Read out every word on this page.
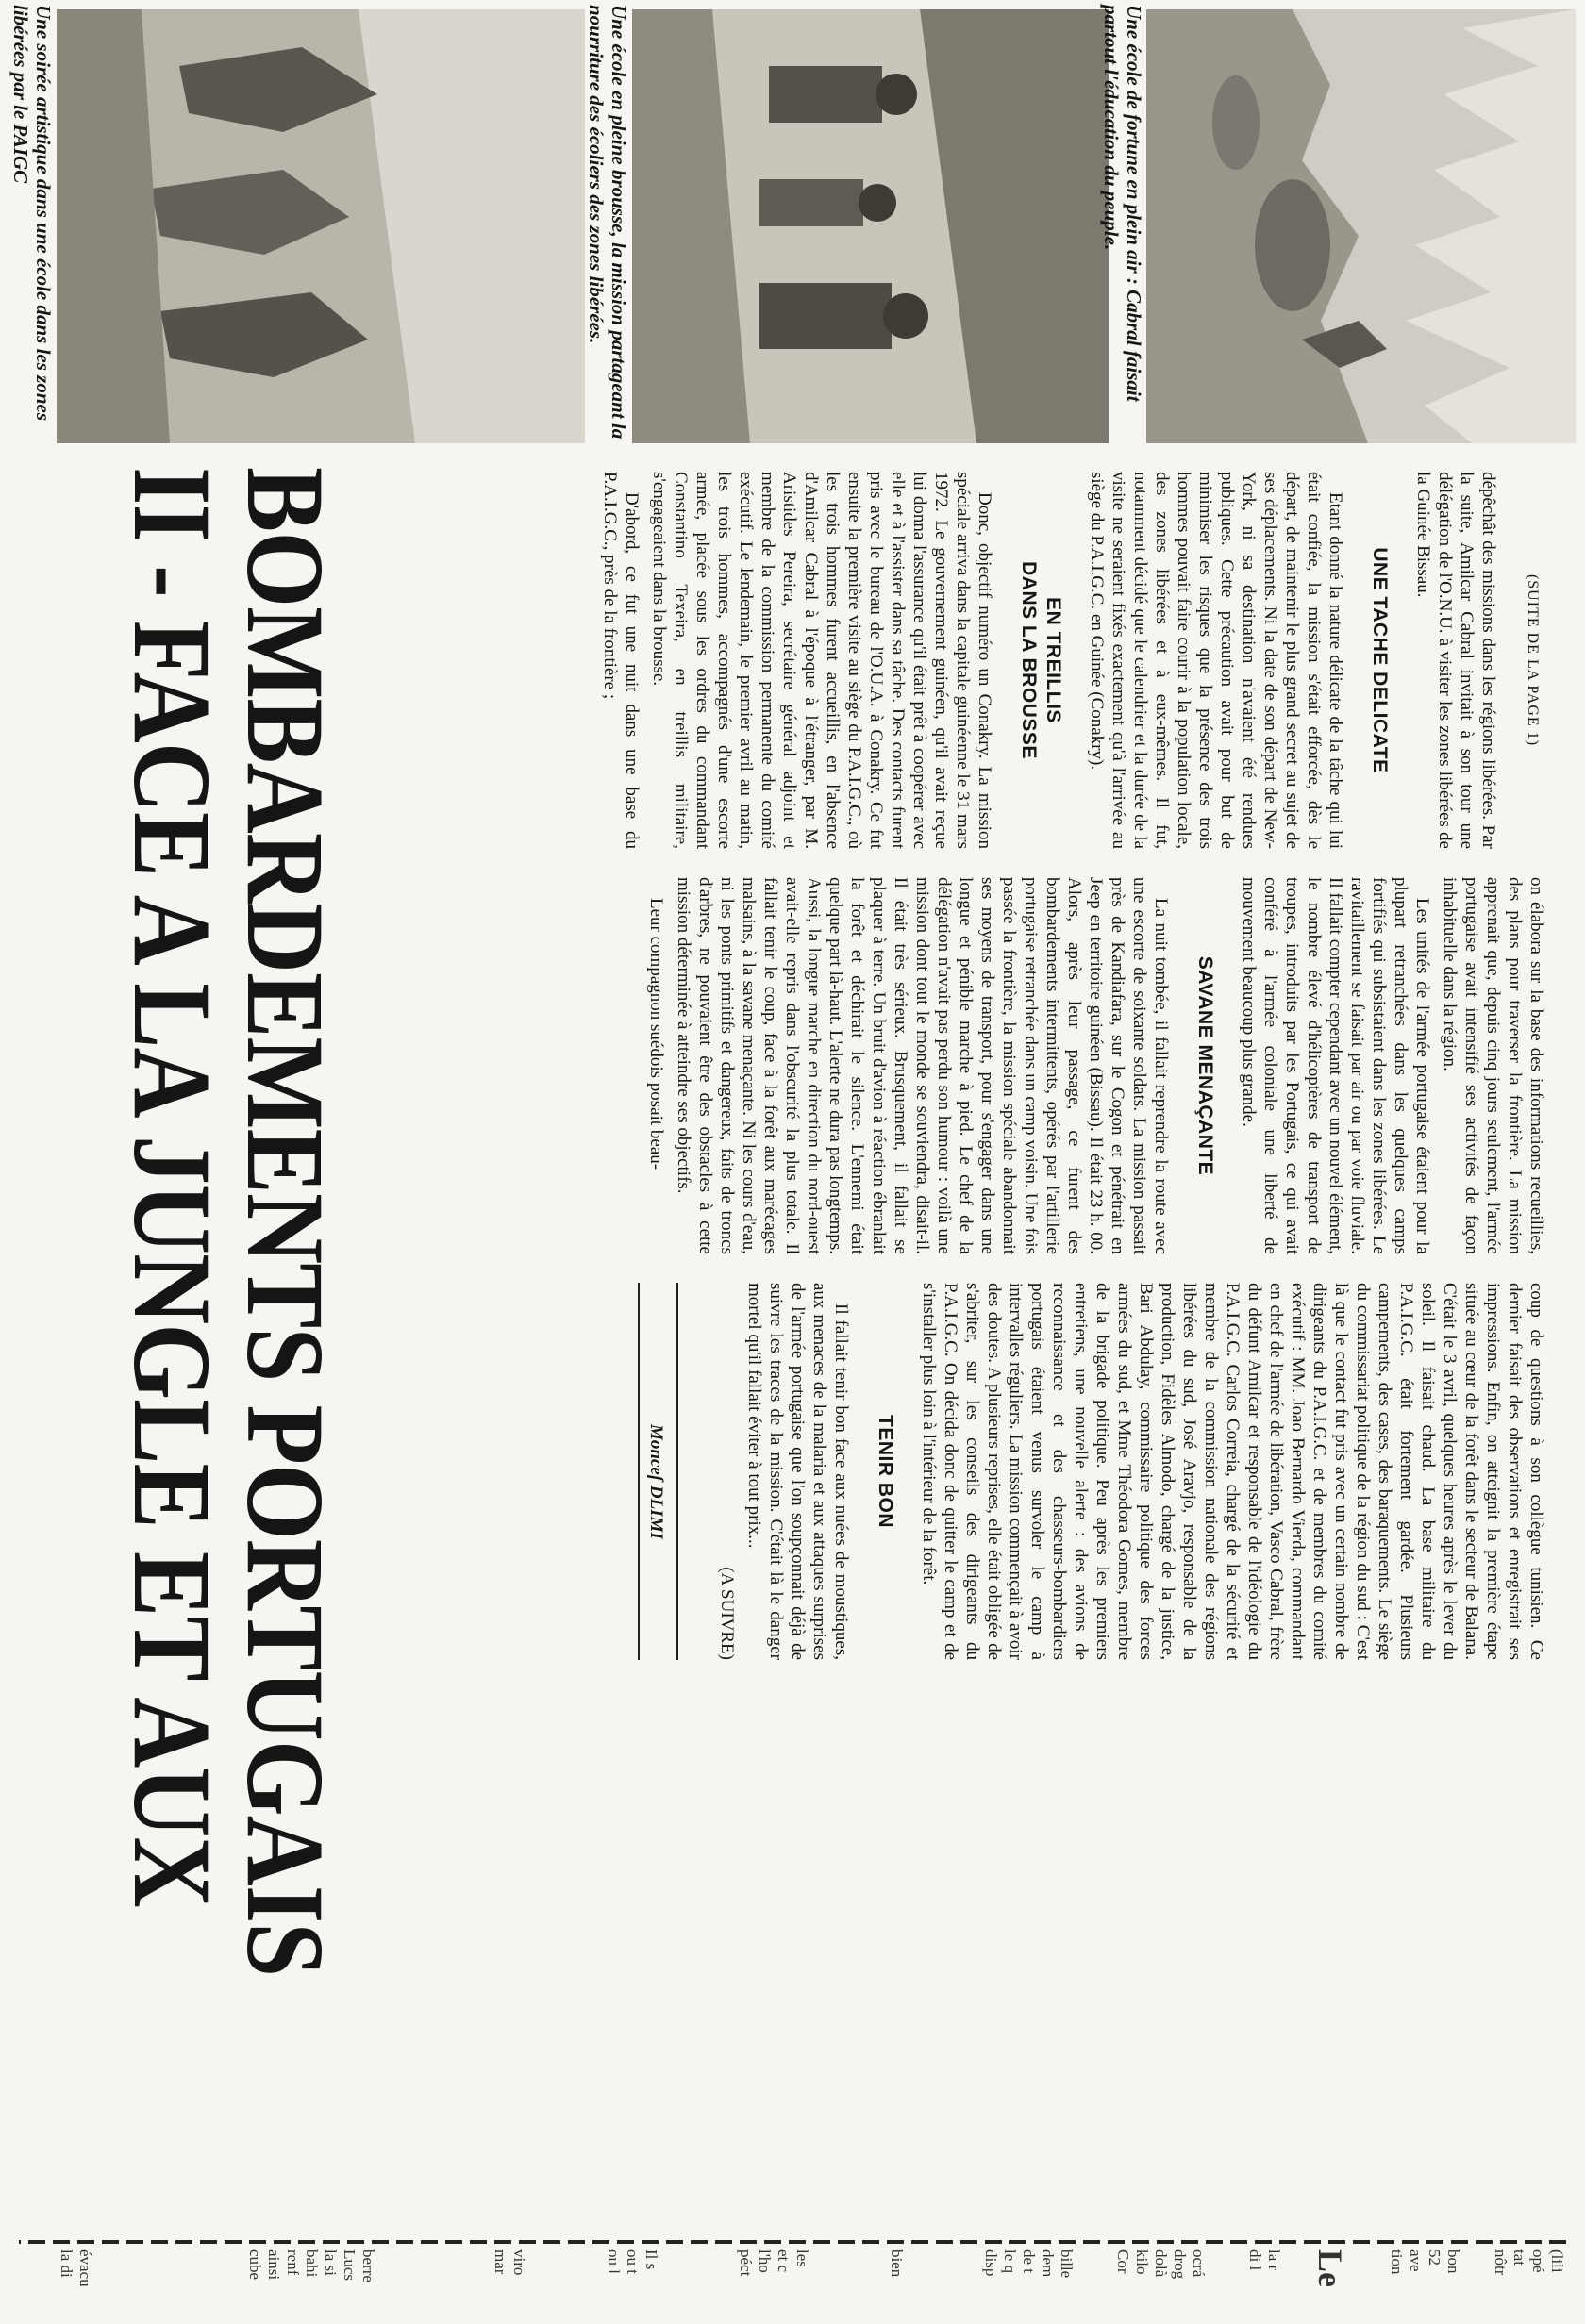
Une école de fortune en plein air : Cabral faisait partout l'éducation du peuple.
Une école en pleine brousse, la mission partageant la nourriture des écoliers des zones libérées.
Une soirée artistique dans une école dans les zones libérées par le PAIGC
II - FACE A LA JUNGLE ET AUX
BOMBARDEMENTS PORTUGAIS	(SUITE DE LA PAGE 1)

dépêchât des missions dans les régions libérées. Par la suite, Amilcar Cabral invitait à son tour une délégation de l'O.N.U. à visiter les zones libérées de la Guinée Bissau.

UNE TACHE DELICATE

Etant donné la nature délicate de la tâche qui lui était confiée, la mission s'était efforcée, dès le départ, de maintenir le plus grand secret au sujet de ses déplacements. Ni la date de son départ de New-York, ni sa destination n'avaient été rendues publiques. Cette précaution avait pour but de minimiser les risques que la présence des trois hommes pouvait faire courir à la population locale, des zones libérées et à eux-mêmes. Il fut, notamment décidé que le calendrier et la durée de la visite ne seraient fixés exactement qu'à l'arrivée au siège du P.A.I.G.C. en Guinée (Conakry).

EN TREILLIS
DANS LA BROUSSE

Donc, objectif numéro un Conakry. La mission spéciale arriva dans la capitale guinéenne le 31 mars 1972. Le gouvernement guinéen, qu'il avait reçue lui donna l'assurance qu'il était prêt à coopérer avec elle et à l'assister dans sa tâche. Des contacts furent pris avec le bureau de l'O.U.A. à Conakry. Ce fut ensuite la première visite au siège du P.A.I.G.C., où les trois hommes furent accueillis, en l'absence d'Amilcar Cabral à l'époque à l'étranger, par M. Aristides Pereira, secrétaire général adjoint et membre de la commission permanente du comité exécutif. Le lendemain, le premier avril au matin, les trois hommes, accompagnés d'une escorte armée, placée sous les ordres du commandant Constantino Texeira, en treillis militaire, s'engageaient dans la brousse.

D'abord, ce fut une nuit dans une base du P.A.I.G.C., près de la frontière ;

on élabora sur la base des informations recueillies, des plans pour traverser la frontière. La mission apprenait que, depuis cinq jours seulement, l'armée portugaise avait intensifié ses activités de façon inhabituelle dans la région.

Les unités de l'armée portugaise étaient pour la plupart retranchées dans les quelques camps fortifiés qui subsistaient dans les zones libérées. Le ravitaillement se faisait par air ou par voie fluviale. Il fallait compter cependant avec un nouvel élément, le nombre élevé d'hélicoptères de transport de troupes, introduits par les Portugais, ce qui avait conféré à l'armée coloniale une liberté de mouvement beaucoup plus grande.

SAVANE MENAÇANTE

La nuit tombée, il fallait reprendre la route avec une escorte de soixante soldats. La mission passait près de Kandiafara, sur le Cogon et pénétrait en Jeep en territoire guinéen (Bissau). Il était 23 h. 00. Alors, après leur passage, ce furent des bombardements intermittents, opérés par l'artillerie portugaise retranchée dans un camp voisin. Une fois passée la frontière, la mission spéciale abandonnait ses moyens de transport, pour s'engager dans une longue et pénible marche à pied. Le chef de la délégation n'avait pas perdu son humour : voilà une mission dont tout le monde se souviendra, disait-il. Il était très sérieux. Brusquement, il fallait se plaquer à terre. Un bruit d'avion à réaction ébranlait la forêt et déchirait le silence. L'ennemi était quelque part là-haut. L'alerte ne dura pas longtemps. Aussi, la longue marche en direction du nord-ouest avait-elle repris dans l'obscurité la plus totale. Il fallait tenir le coup, face à la forêt aux marécages malsains, à la savane menaçante. Ni les cours d'eau, ni les ponts primitifs et dangereux, faits de troncs d'arbres, ne pouvaient être des obstacles à cette mission déterminée à atteindre ses objectifs.

Leur compagnon suédois posait beau-

coup de questions à son collègue tunisien. Ce dernier faisait des observations et enregistrait ses impressions. Enfin, on atteignit la première étape située au cœur de la forêt dans le secteur de Balana. C'était le 3 avril, quelques heures après le lever du soleil. Il faisait chaud. La base militaire du P.A.I.G.C. était fortement gardée. Plusieurs campements, des cases, des baraquements. Le siège du commissariat politique de la région du sud : C'est là que le contact fut pris avec un certain nombre de dirigeants du P.A.I.G.C. et de membres du comité exécutif : MM. Joao Bernardo Vierda, commandant en chef de l'armée de libération, Vasco Cabral, frère du défunt Amilcar et responsable de l'idéologie du P.A.I.G.C. Carlos Correia, chargé de la sécurité et membre de la commission nationale des régions libérées du sud, José Aravjo, responsable de la production, Fidèles Almodo, chargé de la justice, Bari Abdulay, commissaire politique des forces armées du sud, et Mme Théodora Gomes, membre de la brigade politique. Peu après les premiers entretiens, une nouvelle alerte : des avions de reconnaissance et des chasseurs-bombardiers portugais étaient venus survoler le camp à intervalles réguliers. La mission commençait à avoir des doutes. A plusieurs reprises, elle était obligée de s'abriter, sur les conseils des dirigeants du P.A.I.G.C. On décida donc de quitter le camp et de s'installer plus loin à l'intérieur de la forêt.

TENIR BON

Il fallait tenir bon face aux nuées de moustiques, aux menaces de la malaria et aux attaques surprises de l'armée portugaise que l'on soupçonnait déjà de suivre les traces de la mission. C'était là le danger mortel qu'il fallait éviter à tout prix...

(A SUIVRE)

Moncef DLIMI

(lili
opé
tat
nôtr
bon
52
ave
tion
Le
la r
di l
ocrá
drog
dolà
kilo
Cor
bille
dem
de t
le q
disp
bien
les
et c
l'ho
péct
Il s
ou t
ou l
viro
mar
berre
Lucs
la si
bahi
renf
ainsi
cube
évacu
la di
